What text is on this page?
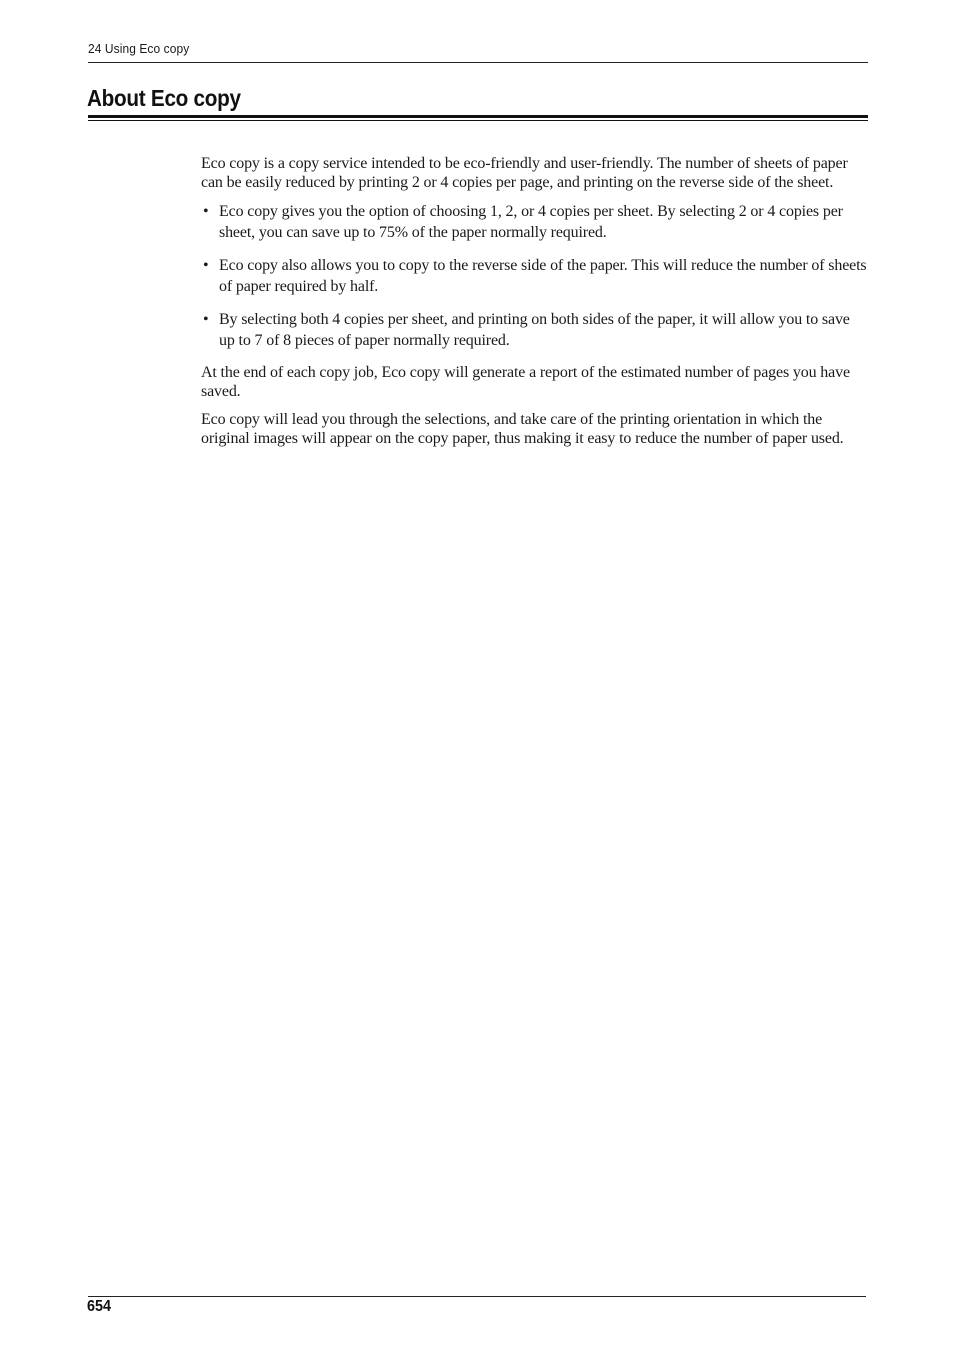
24 Using Eco copy
About Eco copy

Eco copy is a copy service intended to be eco-friendly and user-friendly. The number of sheets of paper can be easily reduced by printing 2 or 4 copies per page, and printing on the reverse side of the sheet.

• Eco copy gives you the option of choosing 1, 2, or 4 copies per sheet. By selecting 2 or 4 copies per sheet, you can save up to 75% of the paper normally required.
• Eco copy also allows you to copy to the reverse side of the paper. This will reduce the number of sheets of paper required by half.
• By selecting both 4 copies per sheet, and printing on both sides of the paper, it will allow you to save up to 7 of 8 pieces of paper normally required.

At the end of each copy job, Eco copy will generate a report of the estimated number of pages you have saved.

Eco copy will lead you through the selections, and take care of the printing orientation in which the original images will appear on the copy paper, thus making it easy to reduce the number of paper used.

654
